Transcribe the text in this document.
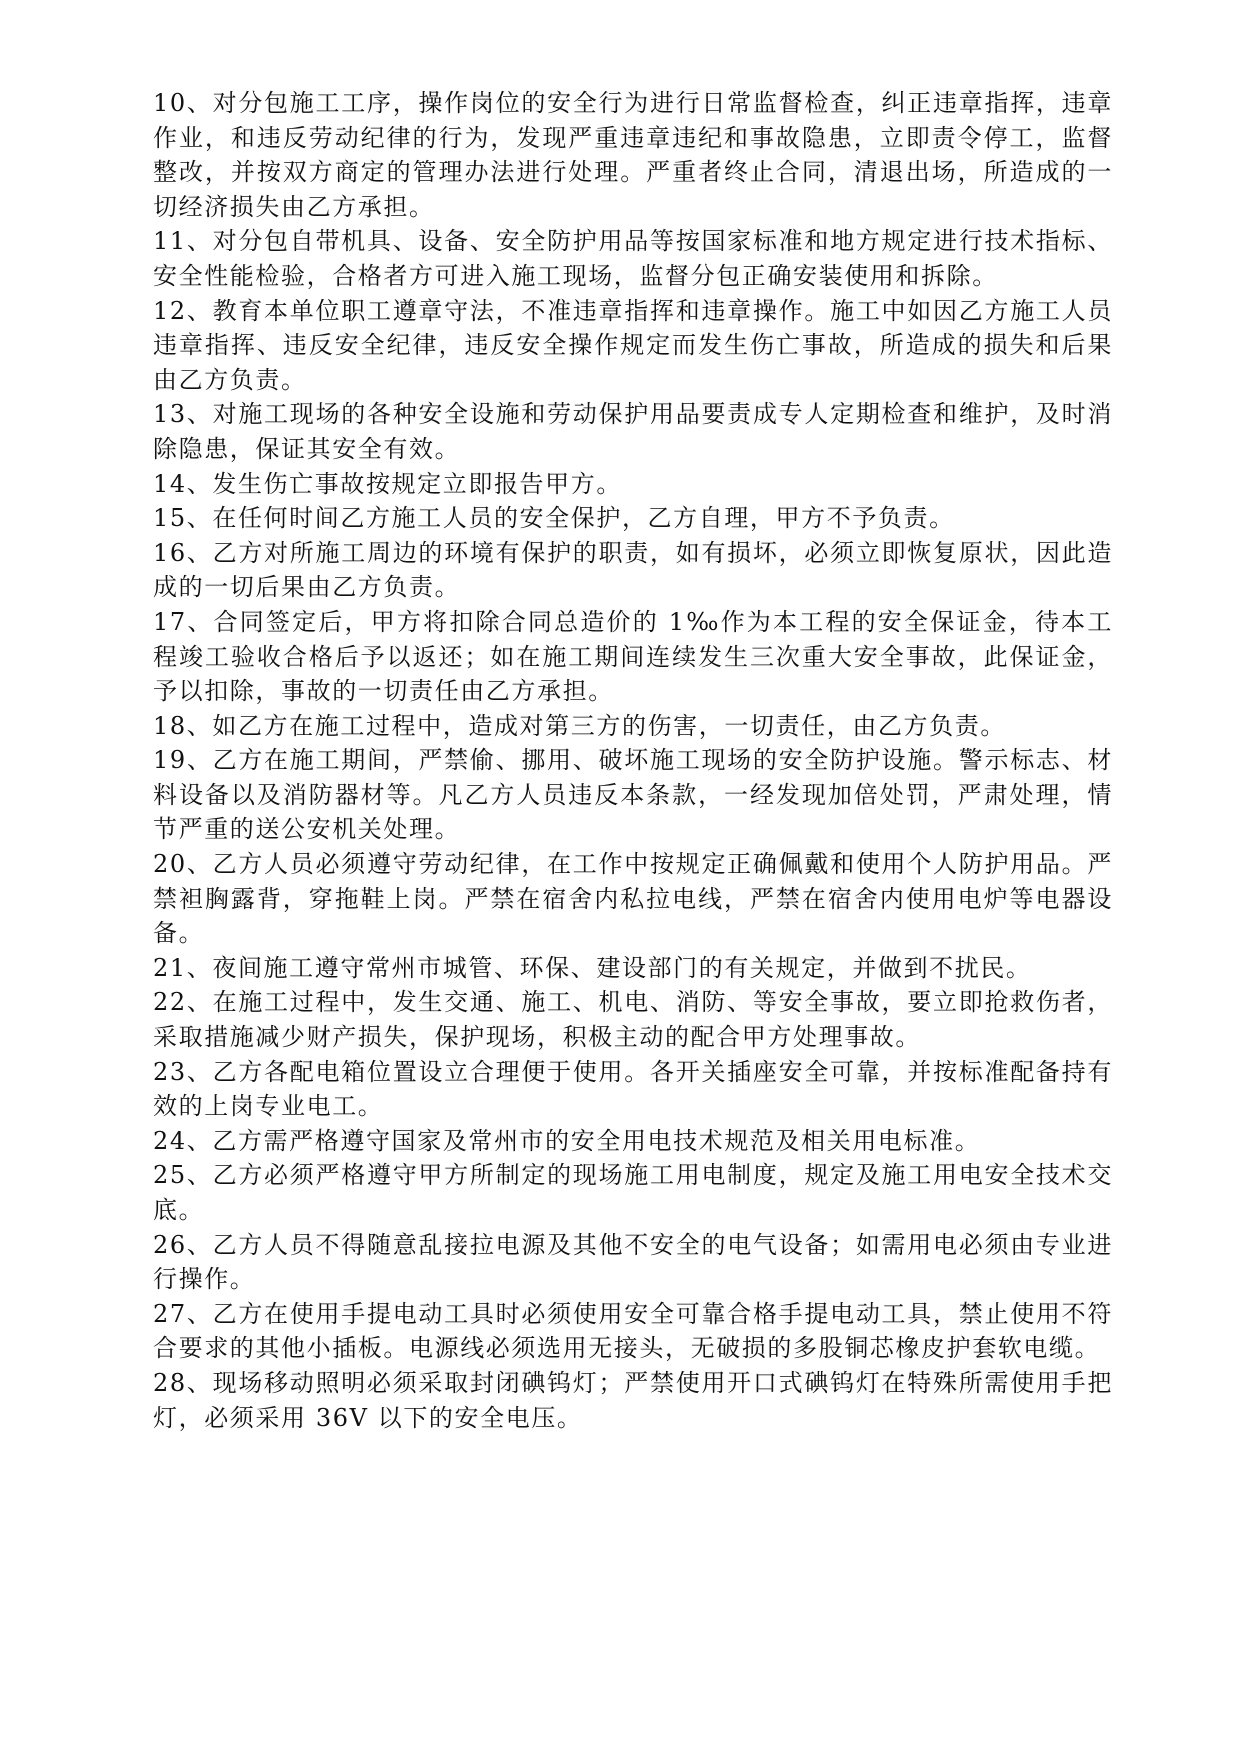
10、对分包施工工序，操作岗位的安全行为进行日常监督检查，纠正违章指挥，违章作业，和违反劳动纪律的行为，发现严重违章违纪和事故隐患，立即责令停工，监督整改，并按双方商定的管理办法进行处理。严重者终止合同，清退出场，所造成的一切经济损失由乙方承担。

11、对分包自带机具、设备、安全防护用品等按国家标准和地方规定进行技术指标、安全性能检验，合格者方可进入施工现场，监督分包正确安装使用和拆除。

12、教育本单位职工遵章守法，不准违章指挥和违章操作。施工中如因乙方施工人员违章指挥、违反安全纪律，违反安全操作规定而发生伤亡事故，所造成的损失和后果由乙方负责。

13、对施工现场的各种安全设施和劳动保护用品要责成专人定期检查和维护，及时消除隐患，保证其安全有效。

14、发生伤亡事故按规定立即报告甲方。

15、在任何时间乙方施工人员的安全保护，乙方自理，甲方不予负责。

16、乙方对所施工周边的环境有保护的职责，如有损坏，必须立即恢复原状，因此造成的一切后果由乙方负责。

17、合同签定后，甲方将扣除合同总造价的 1‰作为本工程的安全保证金，待本工程竣工验收合格后予以返还；如在施工期间连续发生三次重大安全事故，此保证金，予以扣除，事故的一切责任由乙方承担。

18、如乙方在施工过程中，造成对第三方的伤害，一切责任，由乙方负责。

19、乙方在施工期间，严禁偷、挪用、破坏施工现场的安全防护设施。警示标志、材料设备以及消防器材等。凡乙方人员违反本条款，一经发现加倍处罚，严肃处理，情节严重的送公安机关处理。

20、乙方人员必须遵守劳动纪律，在工作中按规定正确佩戴和使用个人防护用品。严禁袒胸露背，穿拖鞋上岗。严禁在宿舍内私拉电线，严禁在宿舍内使用电炉等电器设备。

21、夜间施工遵守常州市城管、环保、建设部门的有关规定，并做到不扰民。

22、在施工过程中，发生交通、施工、机电、消防、等安全事故，要立即抢救伤者，采取措施减少财产损失，保护现场，积极主动的配合甲方处理事故。

23、乙方各配电箱位置设立合理便于使用。各开关插座安全可靠，并按标准配备持有效的上岗专业电工。

24、乙方需严格遵守国家及常州市的安全用电技术规范及相关用电标准。

25、乙方必须严格遵守甲方所制定的现场施工用电制度，规定及施工用电安全技术交底。

26、乙方人员不得随意乱接拉电源及其他不安全的电气设备；如需用电必须由专业进行操作。

27、乙方在使用手提电动工具时必须使用安全可靠合格手提电动工具，禁止使用不符合要求的其他小插板。电源线必须选用无接头，无破损的多股铜芯橡皮护套软电缆。

28、现场移动照明必须采取封闭碘钨灯；严禁使用开口式碘钨灯在特殊所需使用手把灯，必须采用 36V 以下的安全电压。
